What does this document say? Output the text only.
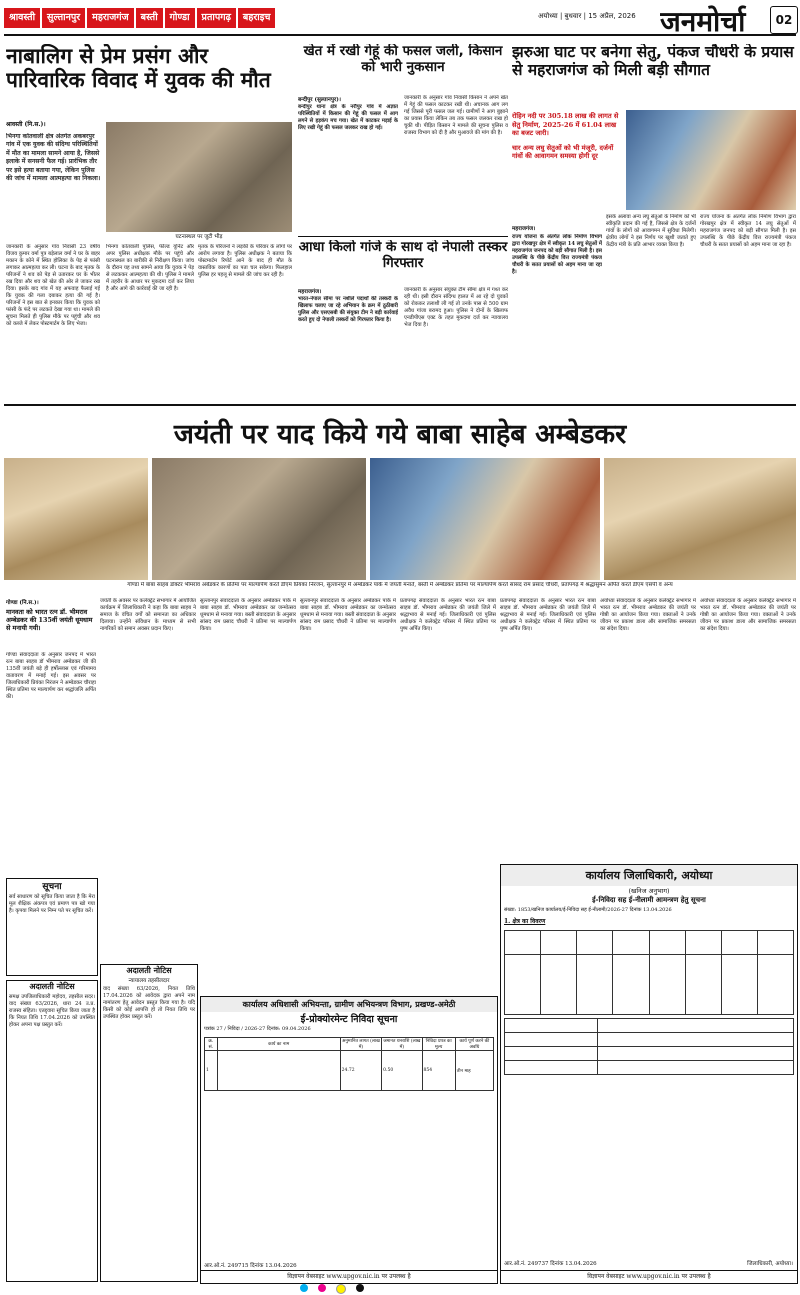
श्रावस्ती	सुल्तानपुर	महराजगंज	बस्ती	गोण्डा	प्रतापगढ़	बहराइच	अयोध्या | बुधवार | 15 अप्रैल, 2026 जनमोर्चा	02
नाबालिग से प्रेम प्रसंग और पारिवारिक विवाद में युवक की मौत
श्रावस्ती (नि.स.)।
भिनगा कोतवाली क्षेत्र अंतर्गत अकबरपुर गांव में एक युवक की संदिग्ध परिस्थितियों में मौत का मामला सामने आया है, जिससे इलाके में सनसनी फैल गई। प्रारंभिक तौर पर इसे हत्या बताया गया, लेकिन पुलिस की जांच में मामला आत्महत्या का निकला।
घटनास्थल पर जुटी भीड़
जानकारी के अनुसार गांव निवासी 23 वर्षीय विजय कुमार वर्मा पुत्र बड़ेलाल वर्मा ने घर के बाहर मकान के कोने में स्थित होलिका के पेड़ से फांसी लगाकर आत्महत्या कर ली। घटना के बाद मृतक के परिजनों ने शव को पेड़ से उतारकर घर के भीतर रख दिया और शव को खेत की ओर ले जाकर रख दिया। इसके बाद गांव में यह अफवाह फैलाई गई कि युवक की गला दबाकर हत्या की गई है। परिजनों ने इस बात से इनकार किया कि युवक को फांसी के फंदे पर लटकते देखा गया था। मामले की सूचना मिलते ही पुलिस मौके पर पहुंची और शव को कब्जे में लेकर पोस्टमार्टम के लिए भेजा।
भिनगा कोतवाली पुलिस, फील्ड यूनिट और अपर पुलिस अधीक्षक मौके पर पहुंचे और घटनास्थल का बारीकी से निरीक्षण किया। जांच के दौरान यह तथ्य सामने आया कि युवक ने पेड़ से लटककर आत्महत्या की थी। पुलिस ने मामले में तहरीर के आधार पर मुकदमा दर्ज कर लिया है और आगे की कार्रवाई की जा रही है।
मृतक के परिजनों ने लड़की के परिवार के लोगों पर आरोप लगाया है। पुलिस अधीक्षक ने बताया कि पोस्टमार्टम रिपोर्ट आने के बाद ही मौत के वास्तविक कारणों का पता चल सकेगा। फिलहाल पुलिस हर पहलू से मामले की जांच कर रही है।
खेत में रखी गेहूं की फसल जली, किसान को भारी नुकसान
बन्दीपुर (सुल्तानपुर)।
बन्दीपुर थाना क्षेत्र के नरौपुर गांव में अज्ञात परिस्थितियों में किसान की गेहूं की फसल में आग लगने से हड़कंप मच गया। खेत में काटकर मड़ाई के लिए रखी गेहूं की फसल जलकर राख हो गई।
जानकारी के अनुसार गांव निवासी किसान ने अपने खेत में गेहूं की फसल काटकर रखी थी। अचानक आग लग गई जिससे पूरी फसल जल गई। ग्रामीणों ने आग बुझाने का प्रयास किया लेकिन तब तक फसल जलकर राख हो चुकी थी। पीड़ित किसान ने मामले की सूचना पुलिस व राजस्व विभाग को दी है और मुआवजे की मांग की है।
आधा किलो गांजे के साथ दो नेपाली तस्कर गिरफ्तार
महराजगंज।
भारत-नेपाल सीमा पर नशीले पदार्थों की तस्करी के खिलाफ चलाए जा रहे अभियान के क्रम में ठूठीबारी पुलिस और एसएसबी की संयुक्त टीम ने बड़ी कार्रवाई करते हुए दो नेपाली तस्करों को गिरफ्तार किया है।
जानकारी के अनुसार संयुक्त टीम सीमा क्षेत्र में गश्त कर रही थी। इसी दौरान संदिग्ध हालत में आ रहे दो युवकों को रोककर तलाशी ली गई तो उनके पास से 500 ग्राम अवैध गांजा बरामद हुआ। पुलिस ने दोनों के खिलाफ एनडीपीएस एक्ट के तहत मुकदमा दर्ज कर न्यायालय भेज दिया है।
झरुआ घाट पर बनेगा सेतु, पंकज चौधरी के प्रयास से महराजगंज को मिली बड़ी सौगात
रोहिन नदी पर 305.18 लाख की लागत से सेतु निर्माण, 2025-26 में 61.04 लाख का बजट जारी।
चार अन्य लघु सेतुओं को भी मंजूरी, दर्जनों गांवों की आवागमन समस्या होगी दूर
महराजगंज।
राज्य योजना के अंतर्गत लोक निर्माण विभाग द्वारा गोरखपुर क्षेत्र में स्वीकृत 14 लघु सेतुओं में महराजगंज जनपद को बड़ी सौगात मिली है। इस उपलब्धि के पीछे केंद्रीय वित्त राज्यमंत्री पंकज चौधरी के सतत प्रयासों को अहम माना जा रहा है।
इसके अलावा अन्य लघु सेतुओं के निर्माण को भी स्वीकृति प्रदान की गई है, जिससे क्षेत्र के दर्जनों गांवों के लोगों को आवागमन में सुविधा मिलेगी। क्षेत्रीय लोगों ने इस निर्णय पर खुशी जताते हुए केंद्रीय मंत्री के प्रति आभार व्यक्त किया है।
राज्य योजना के अंतर्गत लोक निर्माण विभाग द्वारा गोरखपुर क्षेत्र में स्वीकृत 14 लघु सेतुओं में महराजगंज जनपद को बड़ी सौगात मिली है। इस उपलब्धि के पीछे केंद्रीय वित्त राज्यमंत्री पंकज चौधरी के सतत प्रयासों को अहम माना जा रहा है।
जयंती पर याद किये गये बाबा साहेब अम्बेडकर
गोण्डा में बाबा साहब डॉक्टर भीमराव अंबेडकर के प्रतिमा पर माल्यार्पण करते डीएम प्रियंका निरंजन, सुल्तानपुर में अम्बेडकर पार्क में जयंती मनाते, बस्ती में अम्बेडकर प्रतिमा पर माल्यार्पण करते सांसद राम प्रसाद चौधरी, प्रतापगढ़ में श्रद्धासुमन अर्पित करते डीएम एसपी व अन्य
गोण्डा (नि.स.)।
मानवता को भारत रत्न डॉ. भीमराव अम्बेडकर की 135वीं जयंती धूमधाम से मनायी गयी।
गोण्डा संवाददाता के अनुसार जनपद में भारत रत्न बाबा साहब डॉ भीमराव अम्बेडकर जी की 135वीं जयंती बड़े ही हर्षोल्लास एवं गरिमामय वातावरण में मनाई गई। इस अवसर पर जिलाधिकारी प्रियंका निरंजन ने अम्बेडकर चौराहा स्थित प्रतिमा पर माल्यार्पण कर श्रद्धांजलि अर्पित की।
जयंती के अवसर पर कलेक्ट्रेट सभागार में आयोजित कार्यक्रम में जिलाधिकारी ने कहा कि बाबा साहब ने समाज के वंचित वर्गों को समानता का अधिकार दिलाया। उन्होंने संविधान के माध्यम से सभी नागरिकों को समान अवसर प्रदान किए।
सुल्तानपुर संवाददाता के अनुसार अम्बेडकर पार्क में बाबा साहब डॉ. भीमराव अम्बेडकर का जन्मोत्सव धूमधाम से मनाया गया। बस्ती संवाददाता के अनुसार सांसद राम प्रसाद चौधरी ने प्रतिमा पर माल्यार्पण किया।
सुल्तानपुर संवाददाता के अनुसार अम्बेडकर पार्क में बाबा साहब डॉ. भीमराव अम्बेडकर का जन्मोत्सव धूमधाम से मनाया गया। बस्ती संवाददाता के अनुसार सांसद राम प्रसाद चौधरी ने प्रतिमा पर माल्यार्पण किया।
प्रतापगढ़ संवाददाता के अनुसार भारत रत्न बाबा साहब डॉ. भीमराव अम्बेडकर की जयंती जिले में श्रद्धाभाव से मनाई गई। जिलाधिकारी एवं पुलिस अधीक्षक ने कलेक्ट्रेट परिसर में स्थित प्रतिमा पर पुष्प अर्पित किए।
प्रतापगढ़ संवाददाता के अनुसार भारत रत्न बाबा साहब डॉ. भीमराव अम्बेडकर की जयंती जिले में श्रद्धाभाव से मनाई गई। जिलाधिकारी एवं पुलिस अधीक्षक ने कलेक्ट्रेट परिसर में स्थित प्रतिमा पर पुष्प अर्पित किए।
अयोध्या संवाददाता के अनुसार कलेक्ट्रेट सभागार में भारत रत्न डॉ. भीमराव अम्बेडकर की जयंती पर गोष्ठी का आयोजन किया गया। वक्ताओं ने उनके जीवन पर प्रकाश डाला और सामाजिक समरसता का संदेश दिया।
अयोध्या संवाददाता के अनुसार कलेक्ट्रेट सभागार में भारत रत्न डॉ. भीमराव अम्बेडकर की जयंती पर गोष्ठी का आयोजन किया गया। वक्ताओं ने उनके जीवन पर प्रकाश डाला और सामाजिक समरसता का संदेश दिया।
सूचना
सर्व साधारण को सूचित किया जाता है कि मेरा मूल शैक्षिक अंकपत्र एवं प्रमाण पत्र खो गया है। कृपया मिलने पर निम्न पते पर सूचित करें।
अदालती नोटिस
समक्ष उपजिलाधिकारी महोदय, तहसील सदर। वाद संख्या 63/2026, धारा 24 उ.प्र. राजस्व संहिता। एतद्द्वारा सूचित किया जाता है कि नियत तिथि 17.04.2026 को उपस्थित होकर अपना पक्ष प्रस्तुत करें।
अदालती नोटिस
न्यायालय तहसीलदार
वाद संख्या 63/2026, नियत तिथि 17.04.2026 को आवेदक द्वारा अपने नाम नामांतरण हेतु आवेदन प्रस्तुत किया गया है। यदि किसी को कोई आपत्ति हो तो नियत तिथि पर उपस्थित होकर प्रस्तुत करें।
कार्यालय अधिशासी अभियन्ता, ग्रामीण अभियन्त्रण विभाग, प्रखण्ड-अमेठी
ई-प्रोक्योरमेन्ट निविदा सूचना
पत्रांक 27 / निविदा / 2026-27 दिनांक: 09.04.2026
क्र. सं.	कार्य का नाम	अनुमानित लागत (लाख में)	जमानत धनराशि (लाख में)	निविदा प्रपत्र का मूल्य	कार्य पूर्ण करने की अवधि
1		24.72	0.50	854	तीन माह
आर.ओ.नं. 249715 दिनांक 13.04.2026
विज्ञापन वेबसाइट www.upgov.nic.in पर उपलब्ध है
कार्यालय जिलाधिकारी, अयोध्या
(खनिज अनुभाग)
ई-निविदा सह ई-नीलामी आमन्त्रण हेतु सूचना
संख्या: 1853/खनिज कार्यालय/ई-निविदा सह ई-नीलामी/2026-27 दिनांक 13.04.2026
1. क्षेत्र का विवरण

आर.ओ.नं. 249737 दिनांक 13.04.2026	जिलाधिकारी, अयोध्या।
विज्ञापन वेबसाइट www.upgov.nic.in पर उपलब्ध है
